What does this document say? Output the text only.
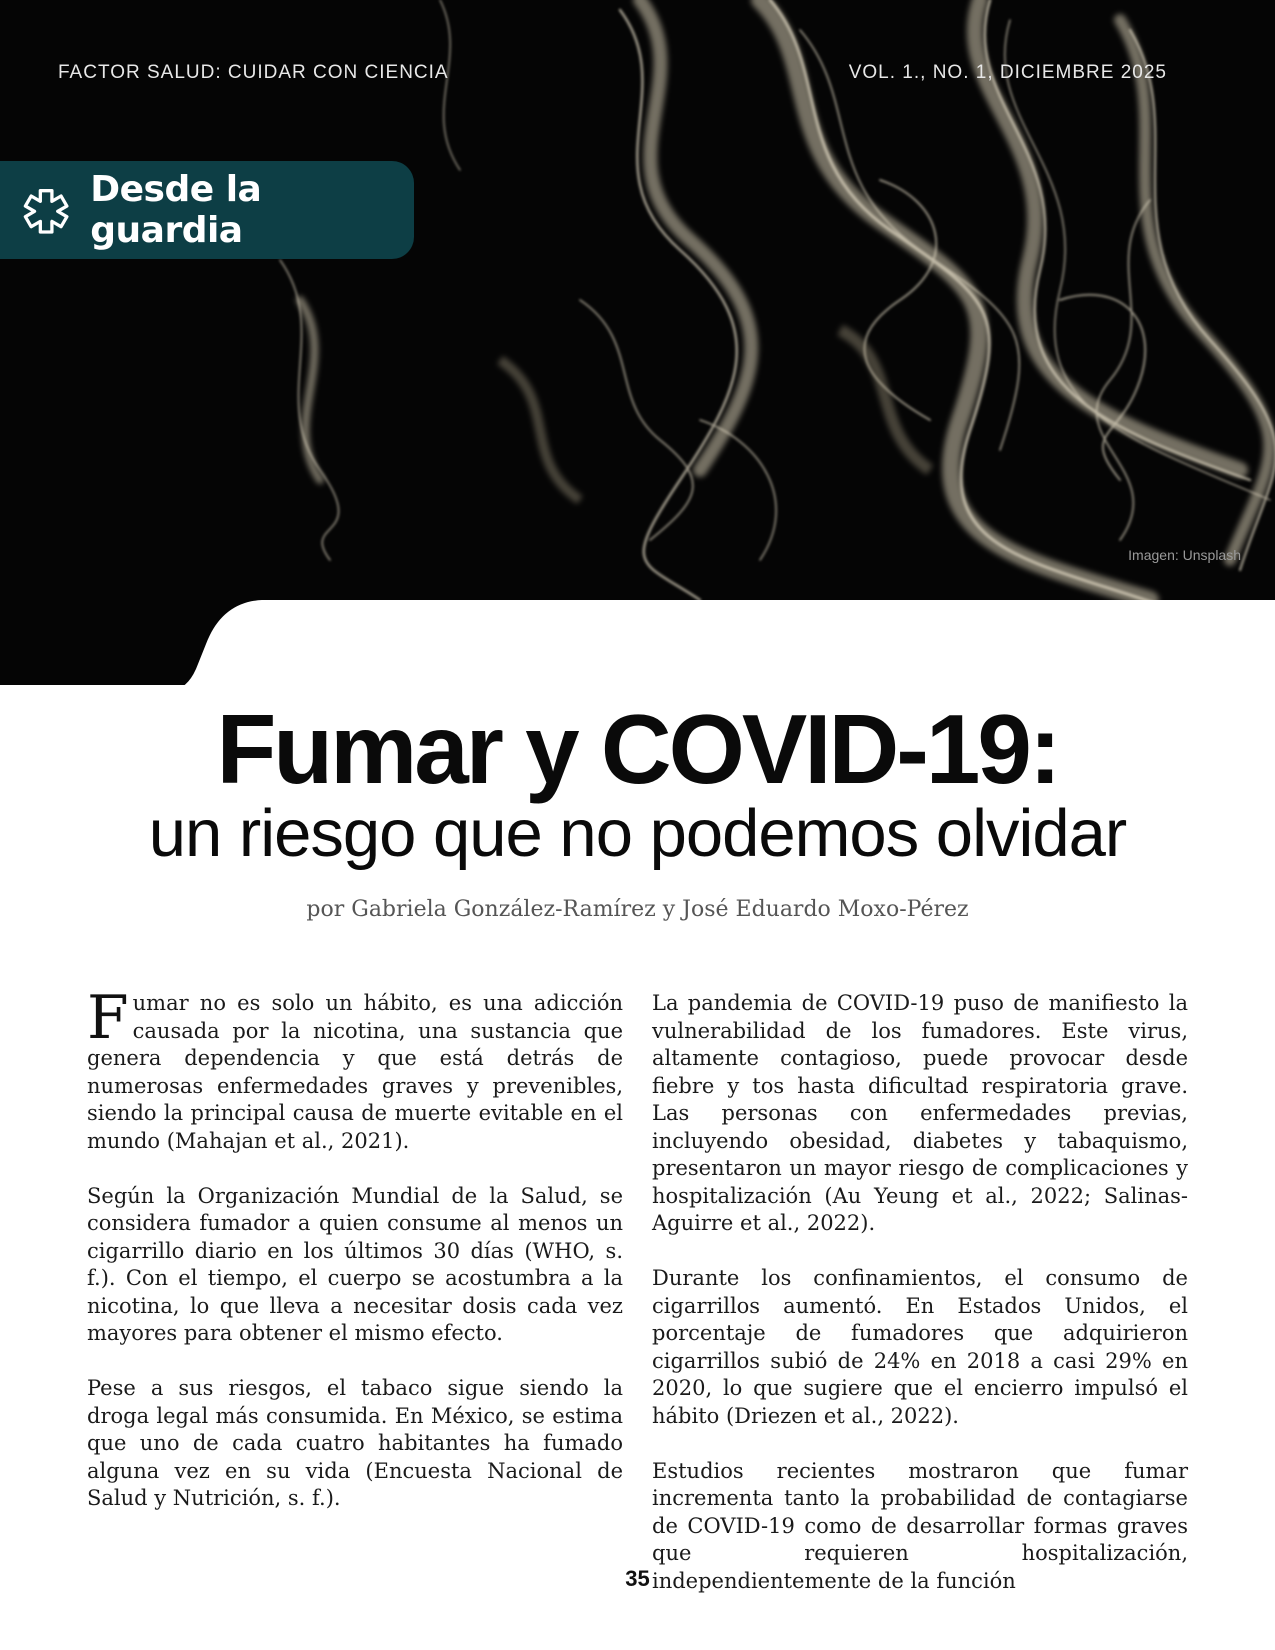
FACTOR SALUD: CUIDAR CON CIENCIA	VOL. 1., NO. 1, DICIEMBRE 2025
Desde la guardia
Imagen: Unsplash
Fumar y COVID-19:
un riesgo que no podemos olvidar
por Gabriela González-Ramírez y José Eduardo Moxo-Pérez

Fumar no es solo un hábito, es una adicción causada por la nicotina, una sustancia que genera dependencia y que está detrás de numerosas enfermedades graves y prevenibles, siendo la principal causa de muerte evitable en el mundo (Mahajan et al., 2021).

Según la Organización Mundial de la Salud, se considera fumador a quien consume al menos un cigarrillo diario en los últimos 30 días (WHO, s. f.). Con el tiempo, el cuerpo se acostumbra a la nicotina, lo que lleva a necesitar dosis cada vez mayores para obtener el mismo efecto.

Pese a sus riesgos, el tabaco sigue siendo la droga legal más consumida. En México, se estima que uno de cada cuatro habitantes ha fumado alguna vez en su vida (Encuesta Nacional de Salud y Nutrición, s. f.).

La pandemia de COVID-19 puso de manifiesto la vulnerabilidad de los fumadores. Este virus, altamente contagioso, puede provocar desde fiebre y tos hasta dificultad respiratoria grave. Las personas con enfermedades previas, incluyendo obesidad, diabetes y tabaquismo, presentaron un mayor riesgo de complicaciones y hospitalización (Au Yeung et al., 2022; Salinas-Aguirre et al., 2022).

Durante los confinamientos, el consumo de cigarrillos aumentó. En Estados Unidos, el porcentaje de fumadores que adquirieron cigarrillos subió de 24% en 2018 a casi 29% en 2020, lo que sugiere que el encierro impulsó el hábito (Driezen et al., 2022).

Estudios recientes mostraron que fumar incrementa tanto la probabilidad de contagiarse de COVID-19 como de desarrollar formas graves que requieren hospitalización, independientemente de la función

35
